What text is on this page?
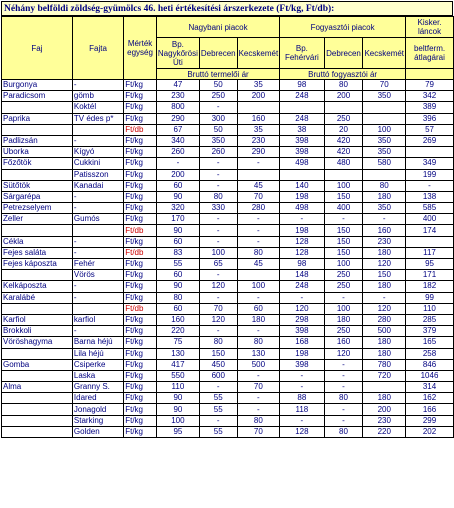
Néhány belföldi zöldség-gyümölcs 46. heti értékesítési árszerkezete (Ft/kg, Ft/db):
Faj	Fajta	Mérték egység	Nagybani piacok			Fogyasztói piacok			Kisker. láncok
			Bp. Nagykőrösi Úti	Debrecen	Kecskemét	Bp. Fehérvári	Debrecen	Kecskemét	beltferm. átlagárai
			Bruttó termelői ár			Bruttó fogyasztói ár			
Burgonya	-	Ft/kg	47	50	35	98	80	70	79
Paradicsom	gömb	Ft/kg	230	250	200	248	200	350	342
	Koktél	Ft/kg	800	-					389
Paprika	TV édes p*	Ft/kg	290	300	160	248	250		396
		Ft/db	67	50	35	38	20	100	57
Padlizsán	-	Ft/kg	340	350	230	398	420	350	269
Uborka	Kígyó	Ft/kg	260	260	290	398	420	350	
Főzőtök	Cukkini	Ft/kg	-	-	-	498	480	580	349
	Patisszon	Ft/kg	200	-					199
Sütőtök	Kanadai	Ft/kg	60	-	45	140	100	80	-
Sárgarépa	-	Ft/kg	90	80	70	198	150	180	138
Petrezselyem	-	Ft/kg	320	330	280	498	400	350	585
Zeller	Gumós	Ft/kg	170	-	-	-	-	-	400
		Ft/db	90	-	-	198	150	160	174
Cékla	-	Ft/kg	60	-	-	128	150	230	
Fejes saláta	-	Ft/db	83	100	80	128	150	180	117
Fejes káposzta	Fehér	Ft/kg	55	65	45	98	100	120	95
	Vörös	Ft/kg	60	-		148	250	150	171
Kelkáposzta	-	Ft/kg	90	120	100	248	250	180	182
Karalábé	-	Ft/kg	80	-	-	-	-	-	99
		Ft/db	60	70	60	120	100	120	110
Karfiol	karfiol	Ft/kg	160	120	180	298	180	280	285
Brokkoli	-	Ft/kg	220	-	-	398	250	500	379
Vöröshagyma	Barna héjú	Ft/kg	75	80	80	168	160	180	165
	Lila héjú	Ft/kg	130	150	130	198	120	180	258
Gomba	Csiperke	Ft/kg	417	450	500	398	-	780	846
	Laska	Ft/kg	550	600	-	-	-	720	1046
Alma	Granny S.	Ft/kg	110	-	70	-	-		314
	Idared	Ft/kg	90	55	-	88	80	180	162
	Jonagold	Ft/kg	90	55	-	118	-	200	166
	Starking	Ft/kg	100	-	80	-	-	230	299
	Golden	Ft/kg	95	55	70	128	80	220	202
